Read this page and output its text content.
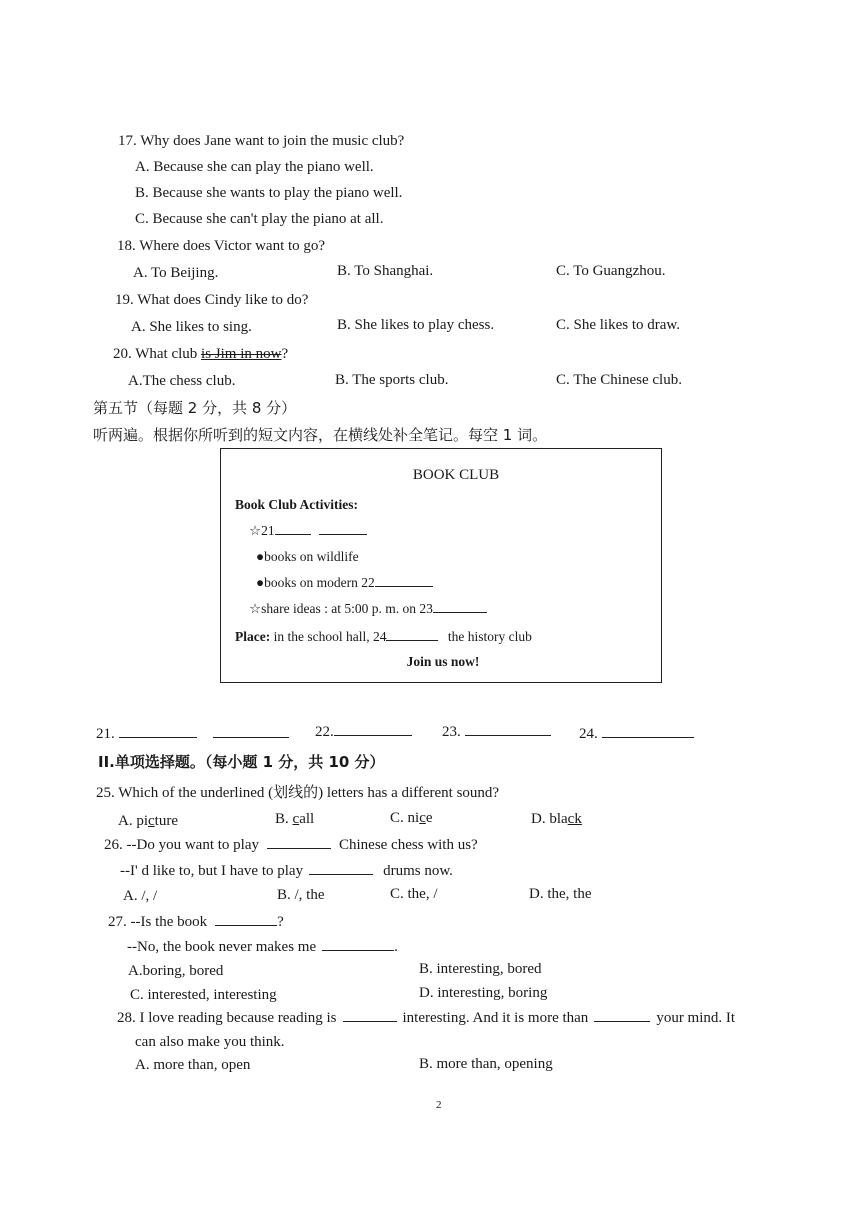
17. Why does Jane want to join the music club?
A. Because she can play the piano well.
B. Because she wants to play the piano well.
C. Because she can't play the piano at all.
18. Where does Victor want to go?
A. To Beijing.	B. To Shanghai.	C. To Guangzhou.
19. What does Cindy like to do?
A. She likes to sing.	B. She likes to play chess.	C. She likes to draw.
20. What club is Jim in now?
A.The chess club.	B. The sports club.	C. The Chinese club.
第五节（每题 2 分，共 8 分）
听两遍。根据你所听到的短文内容，在横线处补全笔记。每空 1 词。
BOOK CLUB
Book Club Activities:
☆21
●books on wildlife
●books on modern 22
☆share ideas : at 5:00 p. m. on 23
Place: in the school hall, 24	the history club
Join us now!
21.	22.	23.	24.
II.单项选择题。（每小题 1 分，共 10 分）
25. Which of the underlined (划线的) letters has a different sound?
A. picture	B. call	C. nice	D. black
26. --Do you want to play	Chinese chess with us?
--I' d like to, but I have to play	drums now.
A. /, /	B. /, the	C. the, /	D. the, the
27. --Is the book	?
--No, the book never makes me	.
A.boring, bored	B. interesting, bored
C. interested, interesting	D. interesting, boring
28. I love reading because reading is	interesting. And it is more than	your mind. It
can also make you think.
A. more than, open	B. more than, opening
2
